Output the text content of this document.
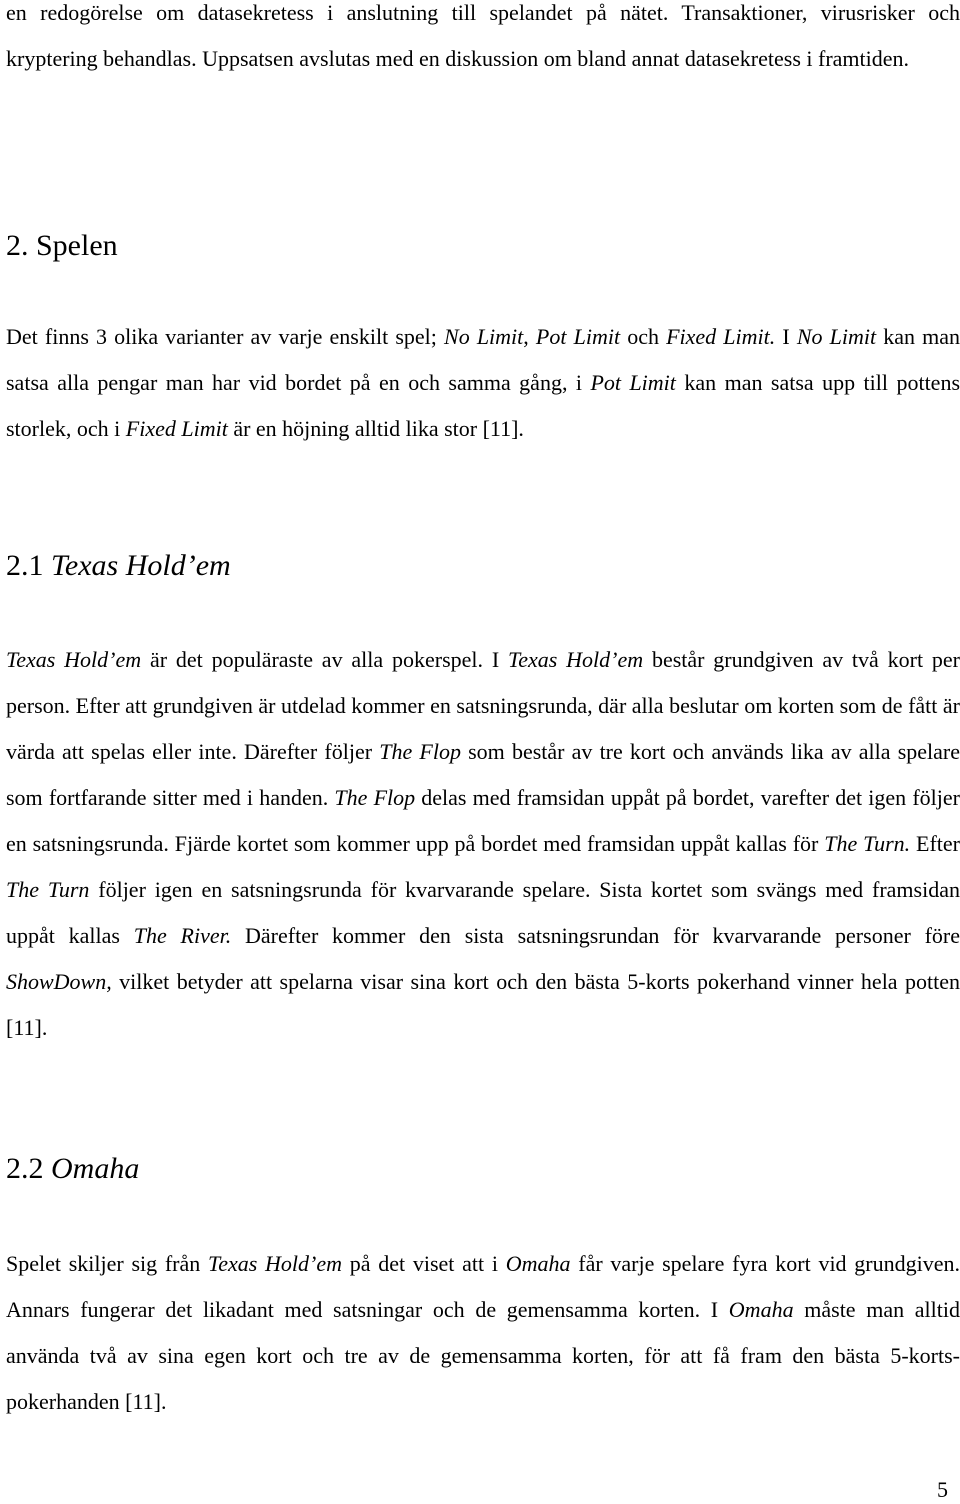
en redogörelse om datasekretess i anslutning till spelandet på nätet. Transaktioner, virusrisker och kryptering behandlas. Uppsatsen avslutas med en diskussion om bland annat datasekretess i framtiden.

2. Spelen

Det finns 3 olika varianter av varje enskilt spel; No Limit, Pot Limit och Fixed Limit. I No Limit kan man satsa alla pengar man har vid bordet på en och samma gång, i Pot Limit kan man satsa upp till pottens storlek, och i Fixed Limit är en höjning alltid lika stor [11].

2.1 Texas Hold’em

Texas Hold’em är det populäraste av alla pokerspel. I Texas Hold’em består grundgiven av två kort per person. Efter att grundgiven är utdelad kommer en satsningsrunda, där alla beslutar om korten som de fått är värda att spelas eller inte. Därefter följer The Flop som består av tre kort och används lika av alla spelare som fortfarande sitter med i handen. The Flop delas med framsidan uppåt på bordet, varefter det igen följer en satsningsrunda. Fjärde kortet som kommer upp på bordet med framsidan uppåt kallas för The Turn. Efter The Turn följer igen en satsningsrunda för kvarvarande spelare. Sista kortet som svängs med framsidan uppåt kallas The River. Därefter kommer den sista satsningsrundan för kvarvarande personer före ShowDown, vilket betyder att spelarna visar sina kort och den bästa 5-korts pokerhand vinner hela potten [11].

2.2 Omaha

Spelet skiljer sig från Texas Hold’em på det viset att i Omaha får varje spelare fyra kort vid grundgiven. Annars fungerar det likadant med satsningar och de gemensamma korten. I Omaha måste man alltid använda två av sina egen kort och tre av de gemensamma korten, för att få fram den bästa 5-korts-pokerhanden [11].

5
